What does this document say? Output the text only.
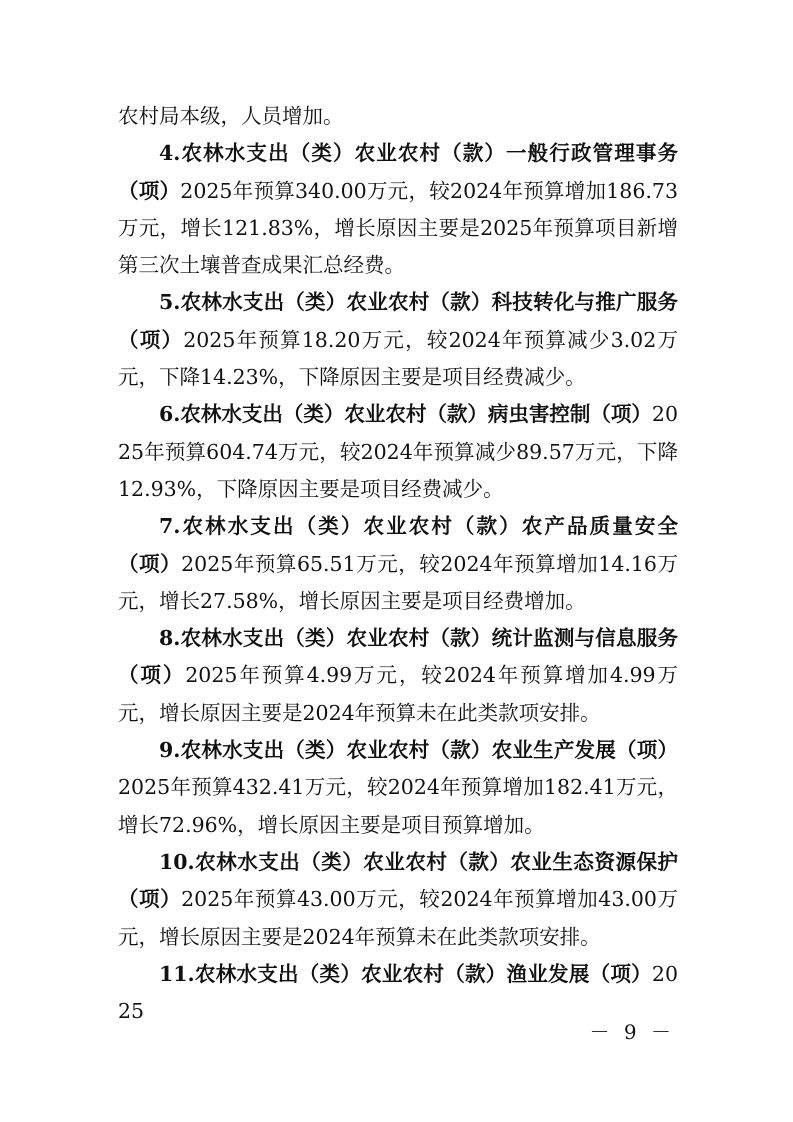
农村局本级，人员增加。

4.农林水支出（类）农业农村（款）一般行政管理事务（项）2025年预算340.00万元，较2024年预算增加186.73万元，增长121.83%，增长原因主要是2025年预算项目新增第三次土壤普查成果汇总经费。

5.农林水支出（类）农业农村（款）科技转化与推广服务（项）2025年预算18.20万元，较2024年预算减少3.02万元，下降14.23%，下降原因主要是项目经费减少。

6.农林水支出（类）农业农村（款）病虫害控制（项）2025年预算604.74万元，较2024年预算减少89.57万元，下降12.93%，下降原因主要是项目经费减少。

7.农林水支出（类）农业农村（款）农产品质量安全（项）2025年预算65.51万元，较2024年预算增加14.16万元，增长27.58%，增长原因主要是项目经费增加。

8.农林水支出（类）农业农村（款）统计监测与信息服务（项）2025年预算4.99万元，较2024年预算增加4.99万元，增长原因主要是2024年预算未在此类款项安排。

9.农林水支出（类）农业农村（款）农业生产发展（项）2025年预算432.41万元，较2024年预算增加182.41万元，增长72.96%，增长原因主要是项目预算增加。

10.农林水支出（类）农业农村（款）农业生态资源保护（项）2025年预算43.00万元，较2024年预算增加43.00万元，增长原因主要是2024年预算未在此类款项安排。

11.农林水支出（类）农业农村（款）渔业发展（项）2025

－ 9 －
